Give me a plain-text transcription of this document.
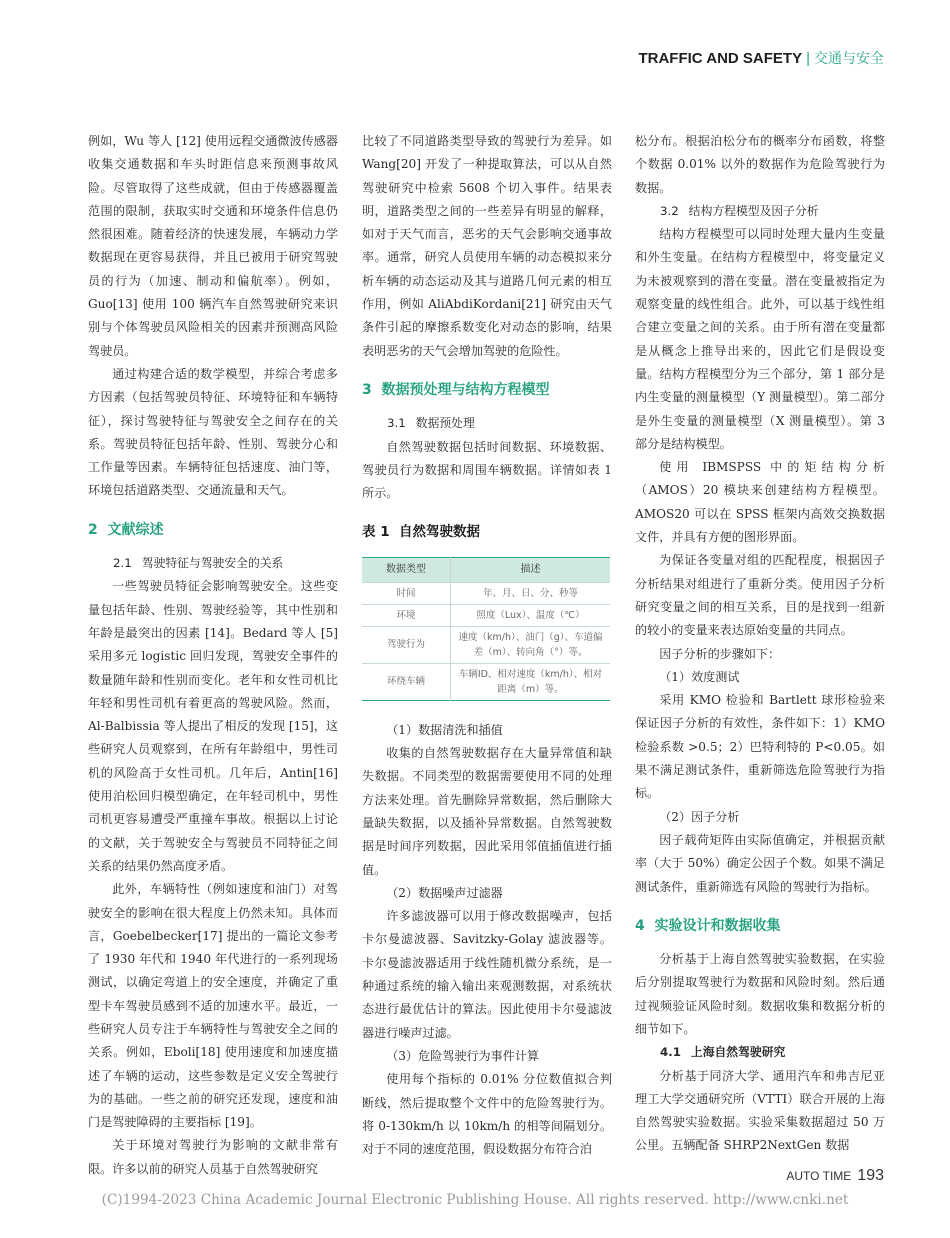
TRAFFIC AND SAFETY | 交通与安全

例如，Wu 等人 [12] 使用远程交通微波传感器收集交通数据和车头时距信息来预测事故风险。尽管取得了这些成就，但由于传感器覆盖范围的限制，获取实时交通和环境条件信息仍然很困难。随着经济的快速发展，车辆动力学数据现在更容易获得，并且已被用于研究驾驶员的行为（加速、制动和偏航率）。例如，Guo[13] 使用 100 辆汽车自然驾驶研究来识别与个体驾驶员风险相关的因素并预测高风险驾驶员。

通过构建合适的数学模型，并综合考虑多方因素（包括驾驶员特征、环境特征和车辆特征），探讨驾驶特征与驾驶安全之间存在的关系。驾驶员特征包括年龄、性别、驾驶分心和工作量等因素。车辆特征包括速度、油门等，环境包括道路类型、交通流量和天气。

2 文献综述
2.1 驾驶特征与驾驶安全的关系

一些驾驶员特征会影响驾驶安全。这些变量包括年龄、性别、驾驶经验等，其中性别和年龄是最突出的因素 [14]。Bedard 等人 [5] 采用多元 logistic 回归发现，驾驶安全事件的数量随年龄和性别而变化。老年和女性司机比年轻和男性司机有着更高的驾驶风险。然而，Al-Balbissia 等人提出了相反的发现 [15]，这些研究人员观察到，在所有年龄组中，男性司机的风险高于女性司机。几年后，Antin[16] 使用泊松回归模型确定，在年轻司机中，男性司机更容易遭受严重撞车事故。根据以上讨论的文献，关于驾驶安全与驾驶员不同特征之间关系的结果仍然高度矛盾。

此外，车辆特性（例如速度和油门）对驾驶安全的影响在很大程度上仍然未知。具体而言，Goebelbecker[17] 提出的一篇论文参考了 1930 年代和 1940 年代进行的一系列现场测试，以确定弯道上的安全速度，并确定了重型卡车驾驶员感到不适的加速水平。最近，一些研究人员专注于车辆特性与驾驶安全之间的关系。例如，Eboli[18] 使用速度和加速度描述了车辆的运动，这些参数是定义安全驾驶行为的基础。一些之前的研究还发现，速度和油门是驾驶障碍的主要指标 [19]。

关于环境对驾驶行为影响的文献非常有限。许多以前的研究人员基于自然驾驶研究

比较了不同道路类型导致的驾驶行为差异。如 Wang[20] 开发了一种提取算法，可以从自然驾驶研究中检索 5608 个切入事件。结果表明，道路类型之间的一些差异有明显的解释，如对于天气而言，恶劣的天气会影响交通事故率。通常，研究人员使用车辆的动态模拟来分析车辆的动态运动及其与道路几何元素的相互作用，例如 AliAbdiKordani[21] 研究由天气条件引起的摩擦系数变化对动态的影响，结果表明恶劣的天气会增加驾驶的危险性。

3 数据预处理与结构方程模型
3.1 数据预处理

自然驾驶数据包括时间数据、环境数据、驾驶员行为数据和周围车辆数据。详情如表 1 所示。

表 1 自然驾驶数据
数据类型	描述
时间	年、月、日、分、秒等
环境	照度（Lux）、温度（℃）
驾驶行为	速度（km/h）、油门（g）、车道偏差（m）、转向角（°）等。
环绕车辆	车辆ID、相对速度（km/h）、相对距离（m）等。

（1）数据清洗和插值

收集的自然驾驶数据存在大量异常值和缺失数据。不同类型的数据需要使用不同的处理方法来处理。首先删除异常数据，然后删除大量缺失数据，以及插补异常数据。自然驾驶数据是时间序列数据，因此采用邻值插值进行插值。

（2）数据噪声过滤器

许多滤波器可以用于修改数据噪声，包括卡尔曼滤波器、Savitzky-Golay 滤波器等。卡尔曼滤波器适用于线性随机微分系统，是一种通过系统的输入输出来观测数据，对系统状态进行最优估计的算法。因此使用卡尔曼滤波器进行噪声过滤。

（3）危险驾驶行为事件计算

使用每个指标的 0.01% 分位数值拟合判断线，然后提取整个文件中的危险驾驶行为。将 0-130km/h 以 10km/h 的相等间隔划分。对于不同的速度范围，假设数据分布符合泊

松分布。根据泊松分布的概率分布函数，将整个数据 0.01% 以外的数据作为危险驾驶行为数据。

3.2 结构方程模型及因子分析

结构方程模型可以同时处理大量内生变量和外生变量。在结构方程模型中，将变量定义为未被观察到的潜在变量。潜在变量被指定为观察变量的线性组合。此外，可以基于线性组合建立变量之间的关系。由于所有潜在变量都是从概念上推导出来的，因此它们是假设变量。结构方程模型分为三个部分，第 1 部分是内生变量的测量模型（Y 测量模型）。第二部分是外生变量的测量模型（X 测量模型）。第 3 部分是结构模型。

使用 IBMSPSS 中的矩结构分析（AMOS）20 模块来创建结构方程模型。AMOS20 可以在 SPSS 框架内高效交换数据文件，并具有方便的图形界面。

为保证各变量对组的匹配程度，根据因子分析结果对组进行了重新分类。使用因子分析研究变量之间的相互关系，目的是找到一组新的较小的变量来表达原始变量的共同点。

因子分析的步骤如下：

（1）效度测试

采用 KMO 检验和 Bartlett 球形检验来保证因子分析的有效性，条件如下：1）KMO 检验系数 >0.5；2）巴特利特的 P<0.05。如果不满足测试条件，重新筛选危险驾驶行为指标。

（2）因子分析

因子载荷矩阵由实际值确定，并根据贡献率（大于 50%）确定公因子个数。如果不满足测试条件，重新筛选有风险的驾驶行为指标。

4 实验设计和数据收集

分析基于上海自然驾驶实验数据，在实验后分别提取驾驶行为数据和风险时刻。然后通过视频验证风险时刻。数据收集和数据分析的细节如下。

4.1 上海自然驾驶研究

分析基于同济大学、通用汽车和弗吉尼亚理工大学交通研究所（VTTI）联合开展的上海自然驾驶实验数据。实验采集数据超过 50 万公里。五辆配备 SHRP2NextGen 数据

AUTO TIME 193
(C)1994-2023 China Academic Journal Electronic Publishing House. All rights reserved. http://www.cnki.net
